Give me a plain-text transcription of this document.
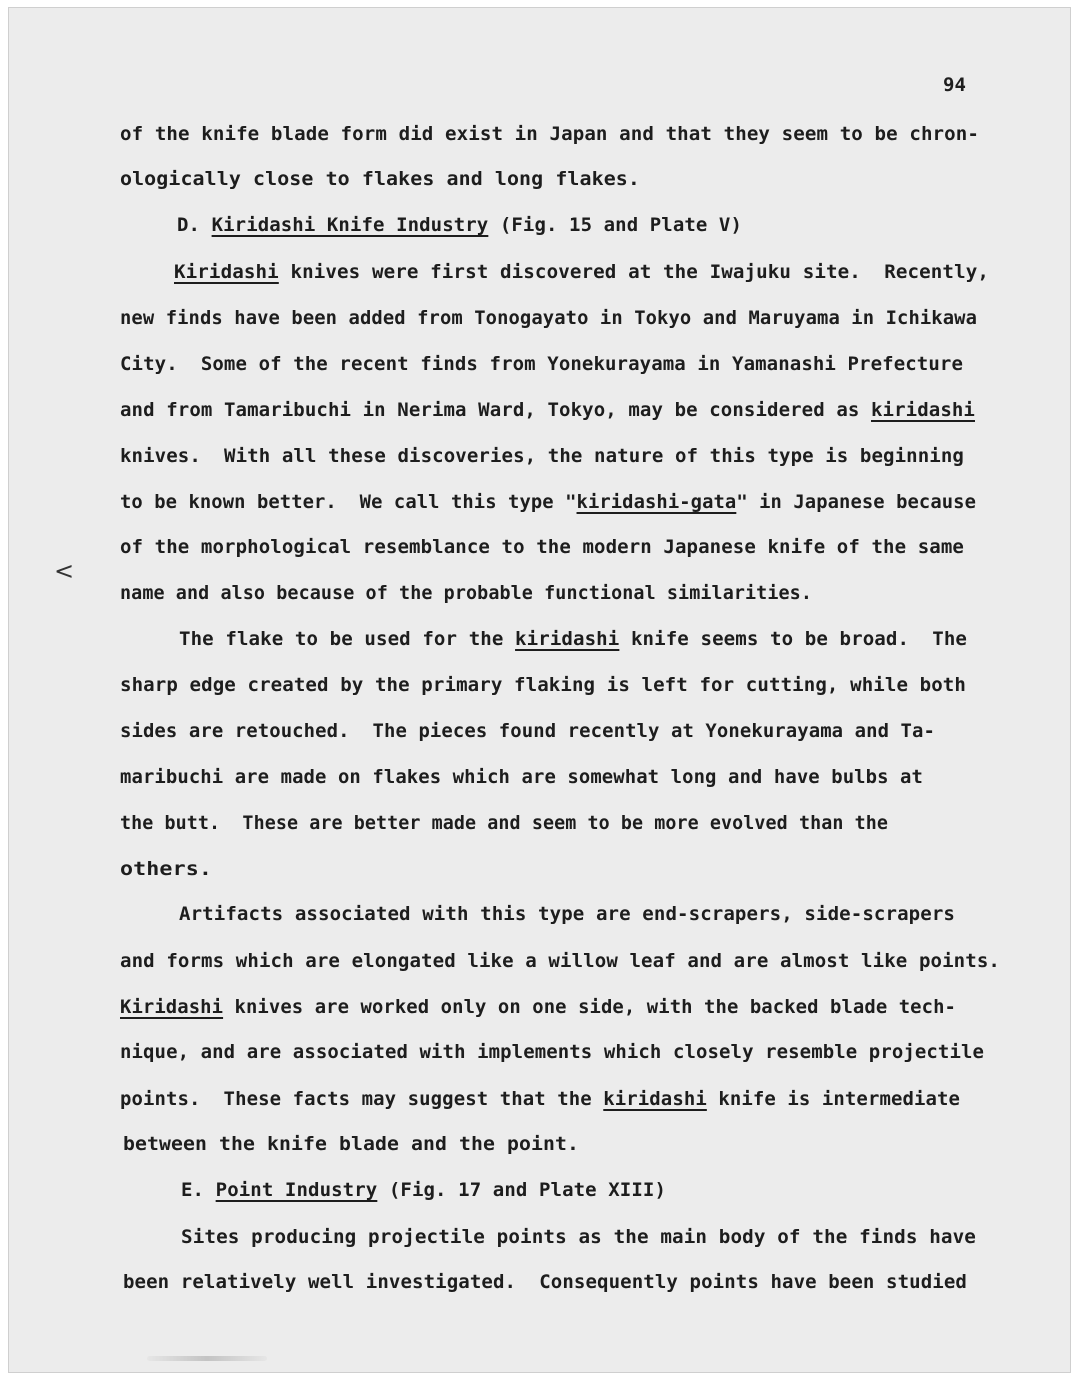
94
<
of the knife blade form did exist in Japan and that they seem to be chron-
ologically close to flakes and long flakes.
D. Kiridashi Knife Industry (Fig. 15 and Plate V)
Kiridashi knives were first discovered at the Iwajuku site.  Recently,
new finds have been added from Tonogayato in Tokyo and Maruyama in Ichikawa
City.  Some of the recent finds from Yonekurayama in Yamanashi Prefecture
and from Tamaribuchi in Nerima Ward, Tokyo, may be considered as kiridashi
knives.  With all these discoveries, the nature of this type is beginning
to be known better.  We call this type "kiridashi-gata" in Japanese because
of the morphological resemblance to the modern Japanese knife of the same
name and also because of the probable functional similarities.
The flake to be used for the kiridashi knife seems to be broad.  The
sharp edge created by the primary flaking is left for cutting, while both
sides are retouched.  The pieces found recently at Yonekurayama and Ta-
maribuchi are made on flakes which are somewhat long and have bulbs at
the butt.  These are better made and seem to be more evolved than the
others.
Artifacts associated with this type are end-scrapers, side-scrapers
and forms which are elongated like a willow leaf and are almost like points.
Kiridashi knives are worked only on one side, with the backed blade tech-
nique, and are associated with implements which closely resemble projectile
points.  These facts may suggest that the kiridashi knife is intermediate
between the knife blade and the point.
E. Point Industry (Fig. 17 and Plate XIII)
Sites producing projectile points as the main body of the finds have
been relatively well investigated.  Consequently points have been studied
